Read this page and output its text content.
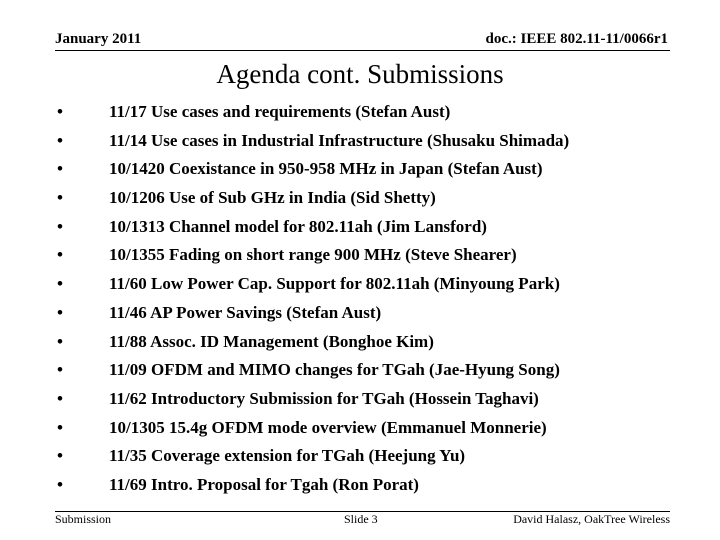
January 2011	doc.: IEEE 802.11-11/0066r1
Agenda cont. Submissions
•	11/17 Use cases and requirements (Stefan Aust)
•	11/14 Use cases in Industrial Infrastructure (Shusaku Shimada)
•	10/1420 Coexistance in 950-958 MHz in Japan (Stefan Aust)
•	10/1206 Use of Sub GHz in India (Sid Shetty)
•	10/1313 Channel model for 802.11ah (Jim Lansford)
•	10/1355 Fading on short range 900 MHz (Steve Shearer)
•	11/60 Low Power Cap. Support for 802.11ah (Minyoung Park)
•	11/46 AP Power Savings (Stefan Aust)
•	11/88 Assoc. ID Management (Bonghoe Kim)
•	11/09 OFDM and MIMO changes for TGah (Jae-Hyung Song)
•	11/62 Introductory Submission for TGah (Hossein Taghavi)
•	10/1305 15.4g OFDM mode overview (Emmanuel Monnerie)
•	11/35 Coverage extension for TGah (Heejung Yu)
•	11/69 Intro. Proposal for Tgah (Ron Porat)
Submission	Slide 3	David Halasz, OakTree Wireless
